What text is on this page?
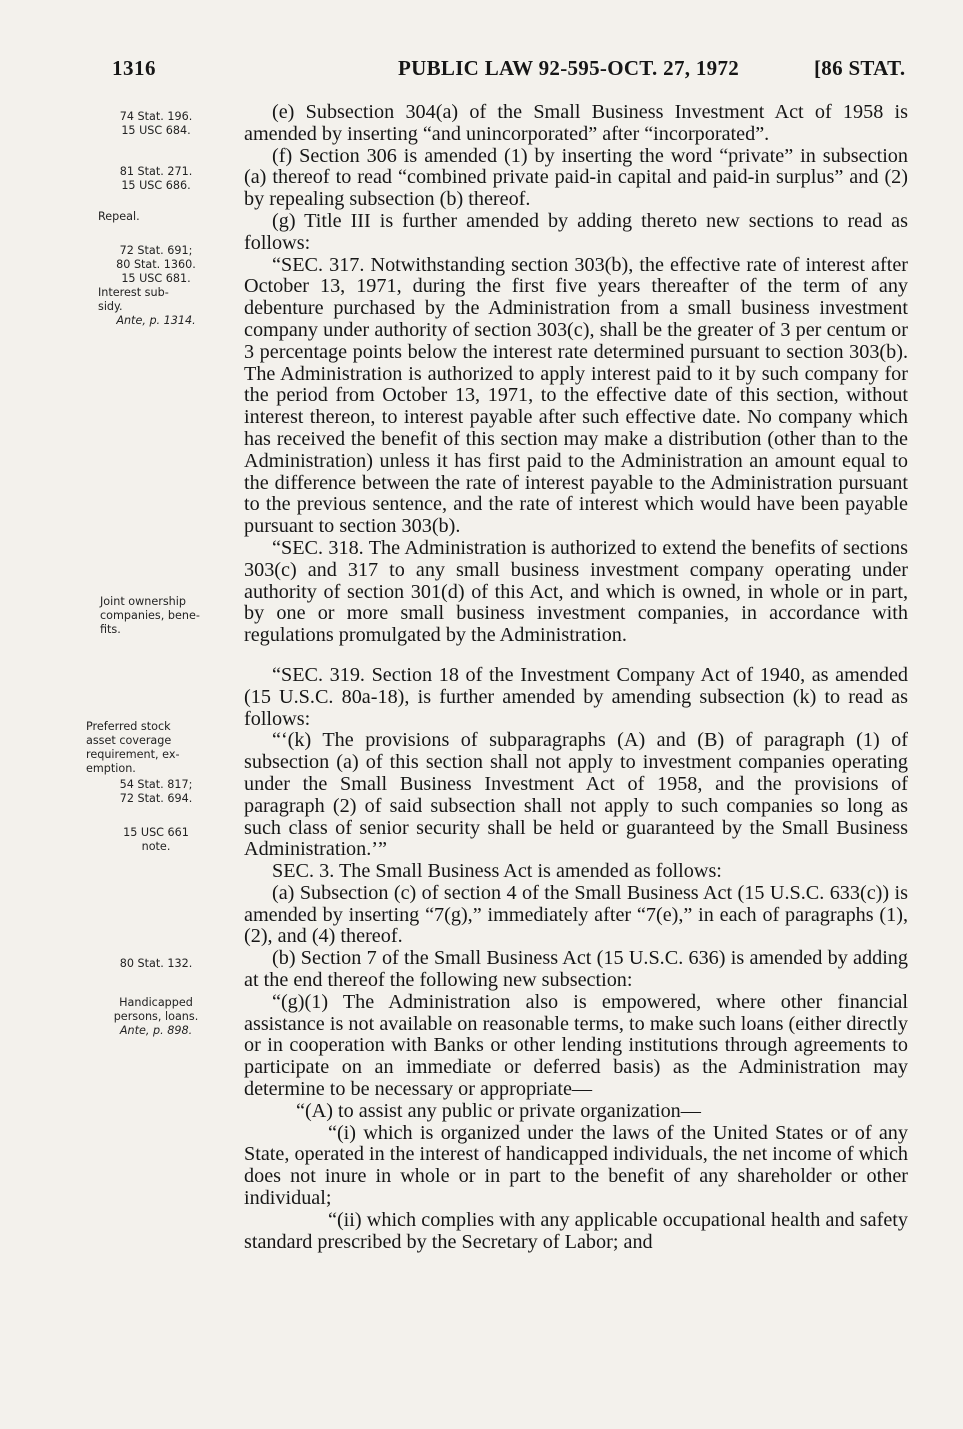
1316	PUBLIC LAW 92-595-OCT. 27, 1972	[86 STAT.
74 Stat. 196.
15 USC 684.
81 Stat. 271.
15 USC 686.
Repeal.
72 Stat. 691;
80 Stat. 1360.
15 USC 681.
Interest sub-
sidy.
Ante, p. 1314.
Joint ownership
companies, bene-
fits.
Preferred stock
asset coverage
requirement, ex-
emption.
54 Stat. 817;
72 Stat. 694.
15 USC 661
note.
80 Stat. 132.
Handicapped
persons, loans.
Ante, p. 898.

(e) Subsection 304(a) of the Small Business Investment Act of 1958 is amended by inserting “and unincorporated” after “incorporated”.

(f) Section 306 is amended (1) by inserting the word “private” in subsection (a) thereof to read “combined private paid-in capital and paid-in surplus” and (2) by repealing subsection (b) thereof.

(g) Title III is further amended by adding thereto new sections to read as follows:

“SEC. 317. Notwithstanding section 303(b), the effective rate of interest after October 13, 1971, during the first five years thereafter of the term of any debenture purchased by the Administration from a small business investment company under authority of section 303(c), shall be the greater of 3 per centum or 3 percentage points below the interest rate determined pursuant to section 303(b). The Administration is authorized to apply interest paid to it by such company for the period from October 13, 1971, to the effective date of this section, without interest thereon, to interest payable after such effective date. No company which has received the benefit of this section may make a distribution (other than to the Administration) unless it has first paid to the Administration an amount equal to the difference between the rate of interest payable to the Administration pursuant to the previous sentence, and the rate of interest which would have been payable pursuant to section 303(b).

“SEC. 318. The Administration is authorized to extend the benefits of sections 303(c) and 317 to any small business investment company operating under authority of section 301(d) of this Act, and which is owned, in whole or in part, by one or more small business investment companies, in accordance with regulations promulgated by the Administration.

“SEC. 319. Section 18 of the Investment Company Act of 1940, as amended (15 U.S.C. 80a-18), is further amended by amending subsection (k) to read as follows:

“‘(k) The provisions of subparagraphs (A) and (B) of paragraph (1) of subsection (a) of this section shall not apply to investment companies operating under the Small Business Investment Act of 1958, and the provisions of paragraph (2) of said subsection shall not apply to such companies so long as such class of senior security shall be held or guaranteed by the Small Business Administration.’”

SEC. 3. The Small Business Act is amended as follows:

(a) Subsection (c) of section 4 of the Small Business Act (15 U.S.C. 633(c)) is amended by inserting “7(g),” immediately after “7(e),” in each of paragraphs (1), (2), and (4) thereof.

(b) Section 7 of the Small Business Act (15 U.S.C. 636) is amended by adding at the end thereof the following new subsection:

“(g)(1) The Administration also is empowered, where other financial assistance is not available on reasonable terms, to make such loans (either directly or in cooperation with Banks or other lending institutions through agreements to participate on an immediate or deferred basis) as the Administration may determine to be necessary or appropriate—

“(A) to assist any public or private organization—

“(i) which is organized under the laws of the United States or of any State, operated in the interest of handicapped individuals, the net income of which does not inure in whole or in part to the benefit of any shareholder or other individual;

“(ii) which complies with any applicable occupational health and safety standard prescribed by the Secretary of Labor; and
